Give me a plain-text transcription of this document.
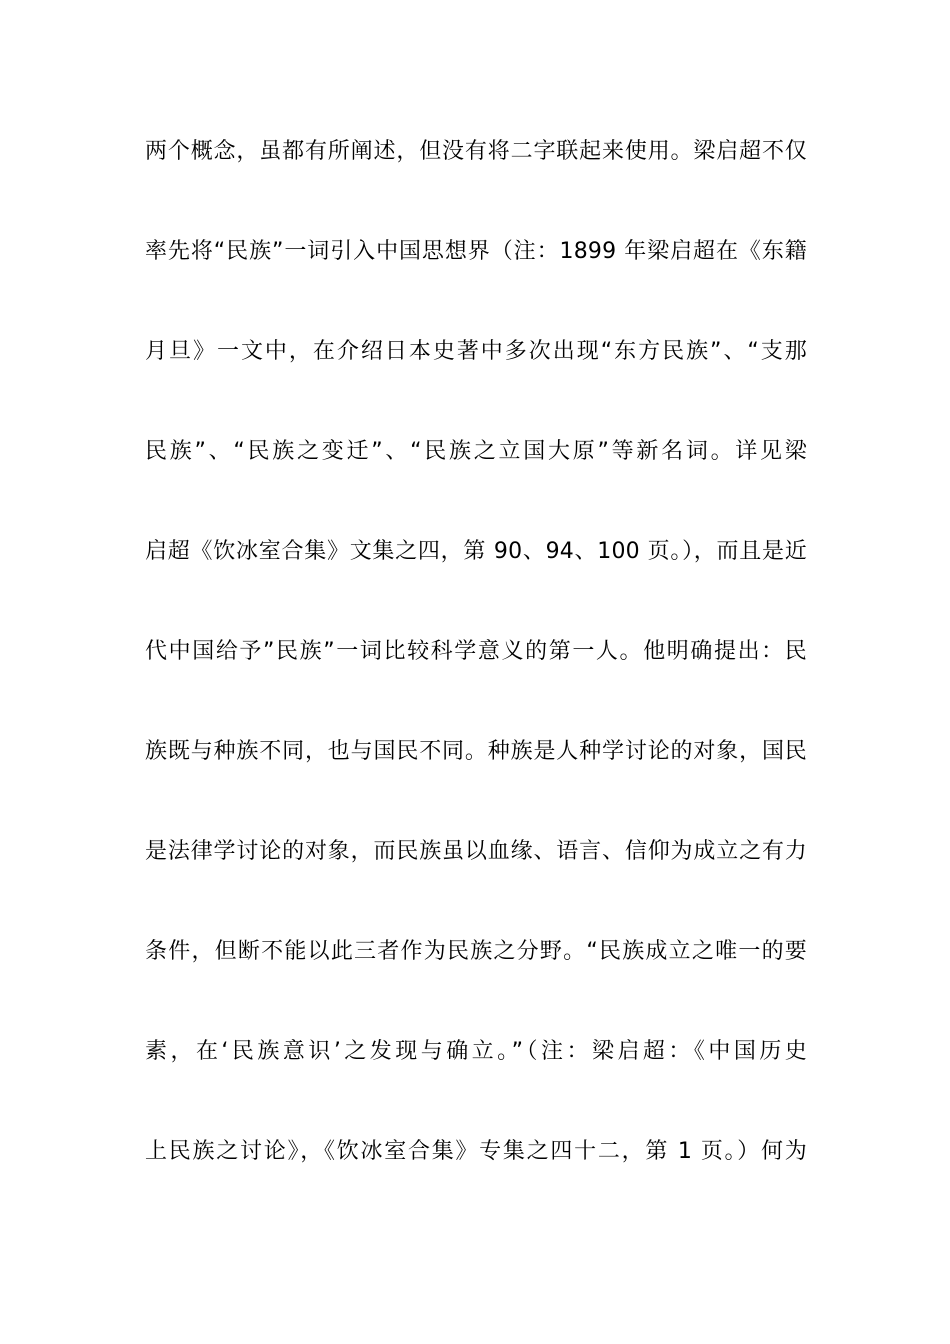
两个概念，虽都有所阐述，但没有将二字联起来使用。梁启超不仅
率先将“民族”一词引入中国思想界（注：1899 年梁启超在《东籍
月旦》一文中，在介绍日本史著中多次出现“东方民族”、“支那
民族”、“民族之变迁”、“民族之立国大原”等新名词。详见梁
启超《饮冰室合集》文集之四，第 90、94、100 页。），而且是近
代中国给予”民族”一词比较科学意义的第一人。他明确提出：民
族既与种族不同，也与国民不同。种族是人种学讨论的对象，国民
是法律学讨论的对象，而民族虽以血缘、语言、信仰为成立之有力
条件，但断不能以此三者作为民族之分野。“民族成立之唯一的要
素，在‘民族意识’之发现与确立。”（注：梁启超：《中国历史
上民族之讨论》，《饮冰室合集》专集之四十二，第 1 页。）何为
